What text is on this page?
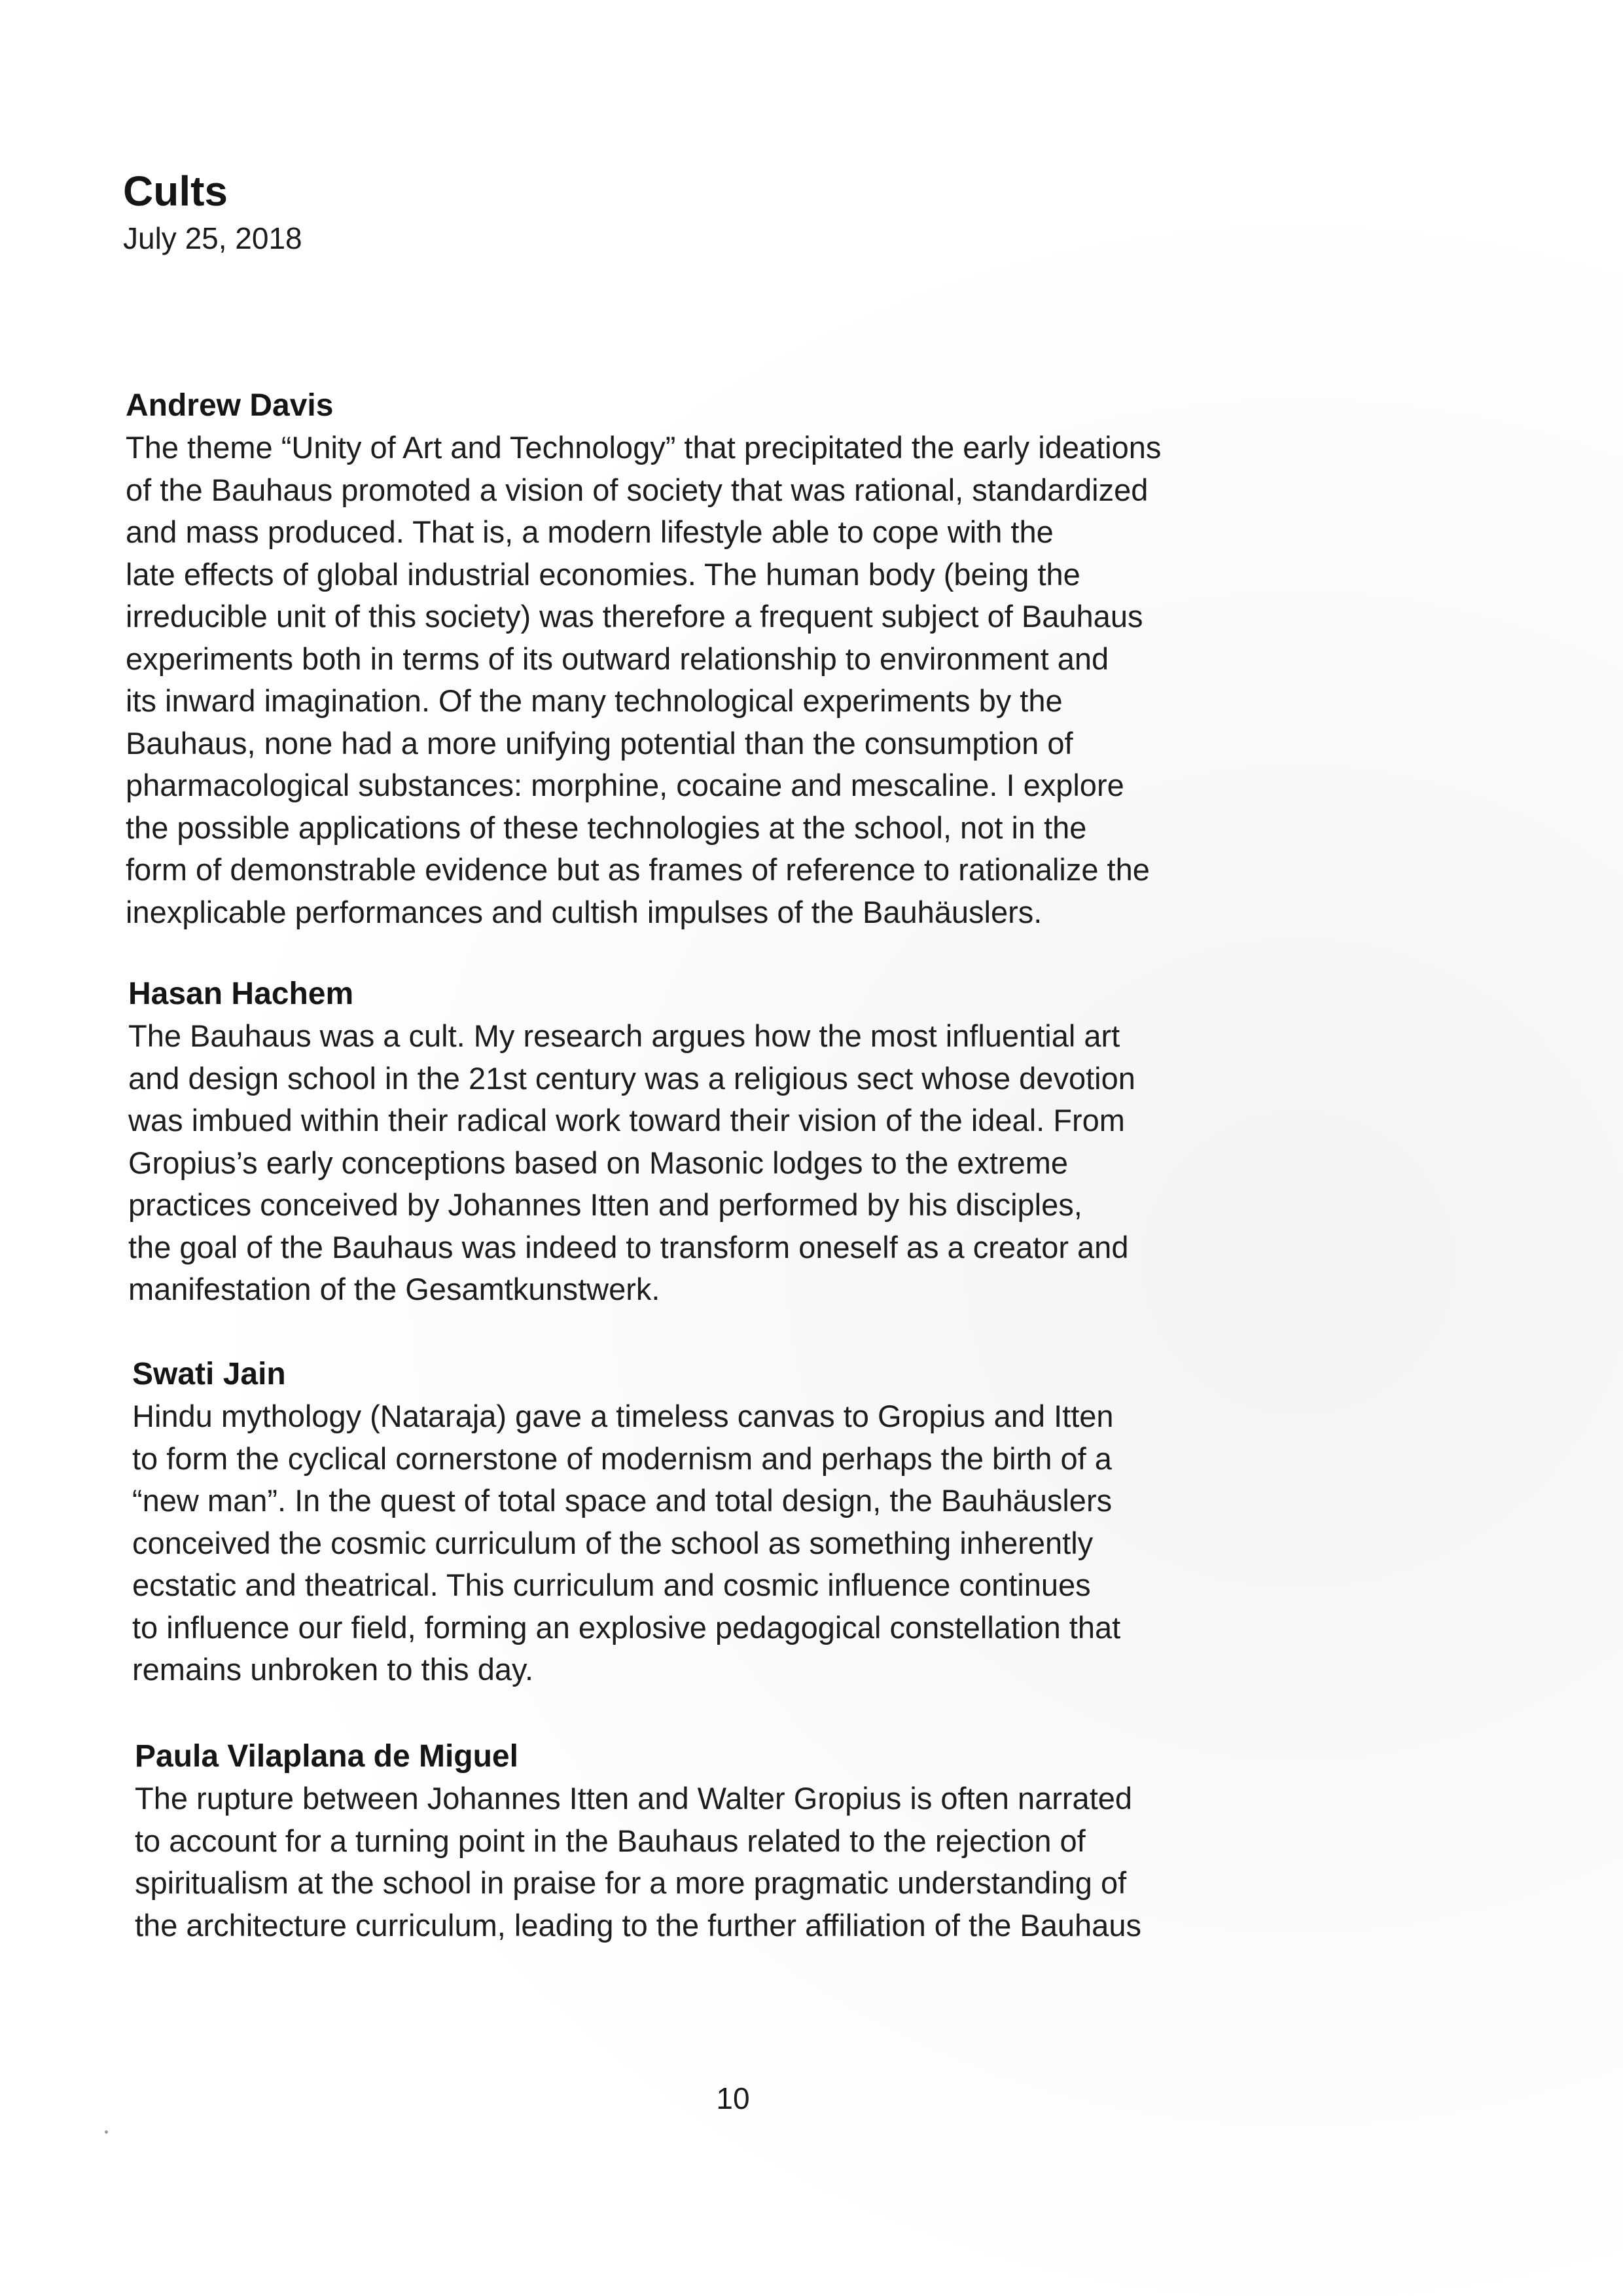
Cults

July 25, 2018

Andrew Davis

The theme “Unity of Art and Technology” that precipitated the early ideations
of the Bauhaus promoted a vision of society that was rational, standardized
and mass produced. That is, a modern lifestyle able to cope with the
late effects of global industrial economies. The human body (being the
irreducible unit of this society) was therefore a frequent subject of Bauhaus
experiments both in terms of its outward relationship to environment and
its inward imagination. Of the many technological experiments by the
Bauhaus, none had a more unifying potential than the consumption of
pharmacological substances: morphine, cocaine and mescaline. I explore
the possible applications of these technologies at the school, not in the
form of demonstrable evidence but as frames of reference to rationalize the
inexplicable performances and cultish impulses of the Bauhäuslers.

Hasan Hachem

The Bauhaus was a cult. My research argues how the most influential art
and design school in the 21st century was a religious sect whose devotion
was imbued within their radical work toward their vision of the ideal. From
Gropius’s early conceptions based on Masonic lodges to the extreme
practices conceived by Johannes Itten and performed by his disciples,
the goal of the Bauhaus was indeed to transform oneself as a creator and
manifestation of the Gesamtkunstwerk.

Swati Jain

Hindu mythology (Nataraja) gave a timeless canvas to Gropius and Itten
to form the cyclical cornerstone of modernism and perhaps the birth of a
“new man”. In the quest of total space and total design, the Bauhäuslers
conceived the cosmic curriculum of the school as something inherently
ecstatic and theatrical. This curriculum and cosmic influence continues
to influence our field, forming an explosive pedagogical constellation that
remains unbroken to this day.

Paula Vilaplana de Miguel

The rupture between Johannes Itten and Walter Gropius is often narrated
to account for a turning point in the Bauhaus related to the rejection of
spiritualism at the school in praise for a more pragmatic understanding of
the architecture curriculum, leading to the further affiliation of the Bauhaus

10
